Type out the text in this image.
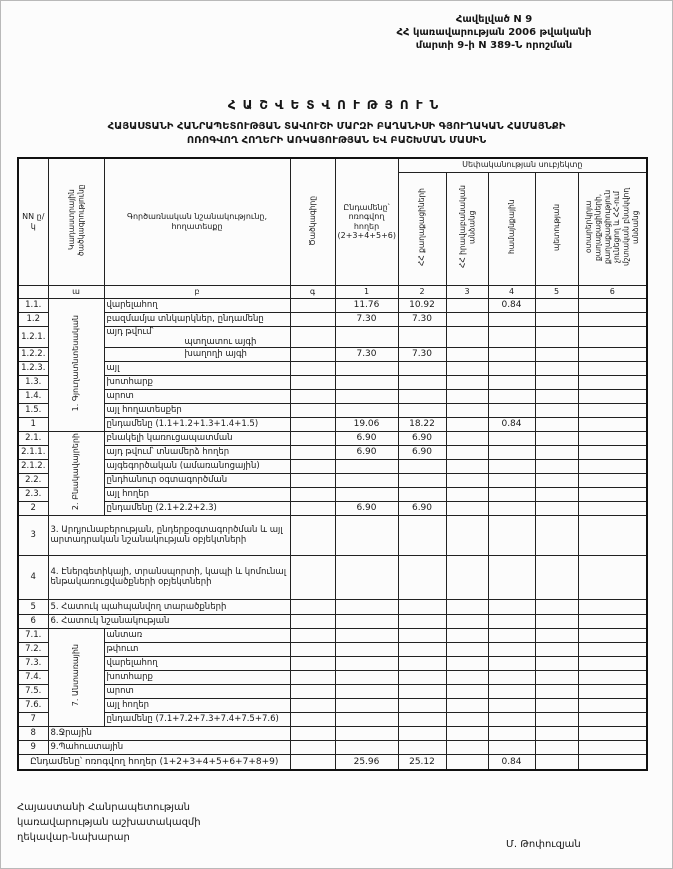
Հավելված N 9
ՀՀ կառավարության 2006 թվականի
մարտի 9-ի N 389-Ն որոշման
ՀԱՇՎԵՏՎՈՒԹՅՈՒՆ
ՀԱՅԱՍՏԱՆԻ ՀԱՆՐԱՊԵՏՈՒԹՅԱՆ ՏԱՎՈՒՇԻ ՄԱՐԶԻ ԲԱՂԱՆԻՍԻ ԳՅՈՒՂԱԿԱՆ ՀԱՄԱՅՆՔԻ
ՈՌՈԳՎՈՂ ՀՈՂԵՐԻ ԱՌԿԱՅՈՒԹՅԱՆ ԵՎ ԲԱՇԽՄԱՆ ՄԱՍԻՆ
NN ը/կ	Կադաստրային ծածկագրությունը	Գործառնական նշանակությունը, հողատեսքը	Ծածկագիրը	Ընդամենը՝ ոռոգվող հողեր (2+3+4+5+6)	Սեփականության սուբյեկտը				
					ՀՀ քաղաքացիների	ՀՀ իրավաբանական անձանց	համայնքային	պետության	օտարերկրյա քաղաքացիների, քաղաքացիություն չունեցող և ՀՀ-ում մշտական բնակվող անձանց
	ա	բ	գ	1	2	3	4	5	6
1.1.	1. Գյուղատնտեսական	վարելահող		11.76	10.92		0.84		
1.2		բազմամյա տնկարկներ, ընդամենը		7.30	7.30				
1.2.1.		այդ թվում՝
պտղատու այգի							
1.2.2.		խաղողի այգի		7.30	7.30				
1.2.3.		այլ							
1.3.		խոտհարք							
1.4.		արոտ							
1.5.		այլ հողատեսքեր							
1		ընդամենը (1.1+1.2+1.3+1.4+1.5)		19.06	18.22		0.84		
2.1.	2. Բնակավայրերի	բնակելի կառուցապատման		6.90	6.90				
2.1.1.		այդ թվում՝ տնամերձ հողեր		6.90	6.90				
2.1.2.		այգեգործական (ամառանոցային)							
2.2.		ընդհանուր օգտագործման							
2.3.		այլ հողեր							
2		ընդամենը (2.1+2.2+2.3)		6.90	6.90				
3	3. Արդյունաբերության, ընդերքօգտագործման և այլ արտադրական նշանակության օբյեկտների								
4	4. Էներգետիկայի, տրանսպորտի, կապի և կոմունալ ենթակառուցվածքների օբյեկտների								
5	5. Հատուկ պահպանվող տարածքների								
6	6. Հատուկ նշանակության								
7.1.	7. Անտառային	անտառ							
7.2.		թփուտ							
7.3.		վարելահող							
7.4.		խոտհարք							
7.5.		արոտ							
7.6.		այլ հողեր							
7		ընդամենը (7.1+7.2+7.3+7.4+7.5+7.6)							
8	8.Ջրային								
9	9.Պահուստային								
Ընդամենը՝ ոռոգվող հողեր (1+2+3+4+5+6+7+8+9)				25.96	25.12		0.84		
Հայաստանի Հանրապետության
կառավարության աշխատակազմի
ղեկավար-նախարար
Մ. Թոփուզյան
